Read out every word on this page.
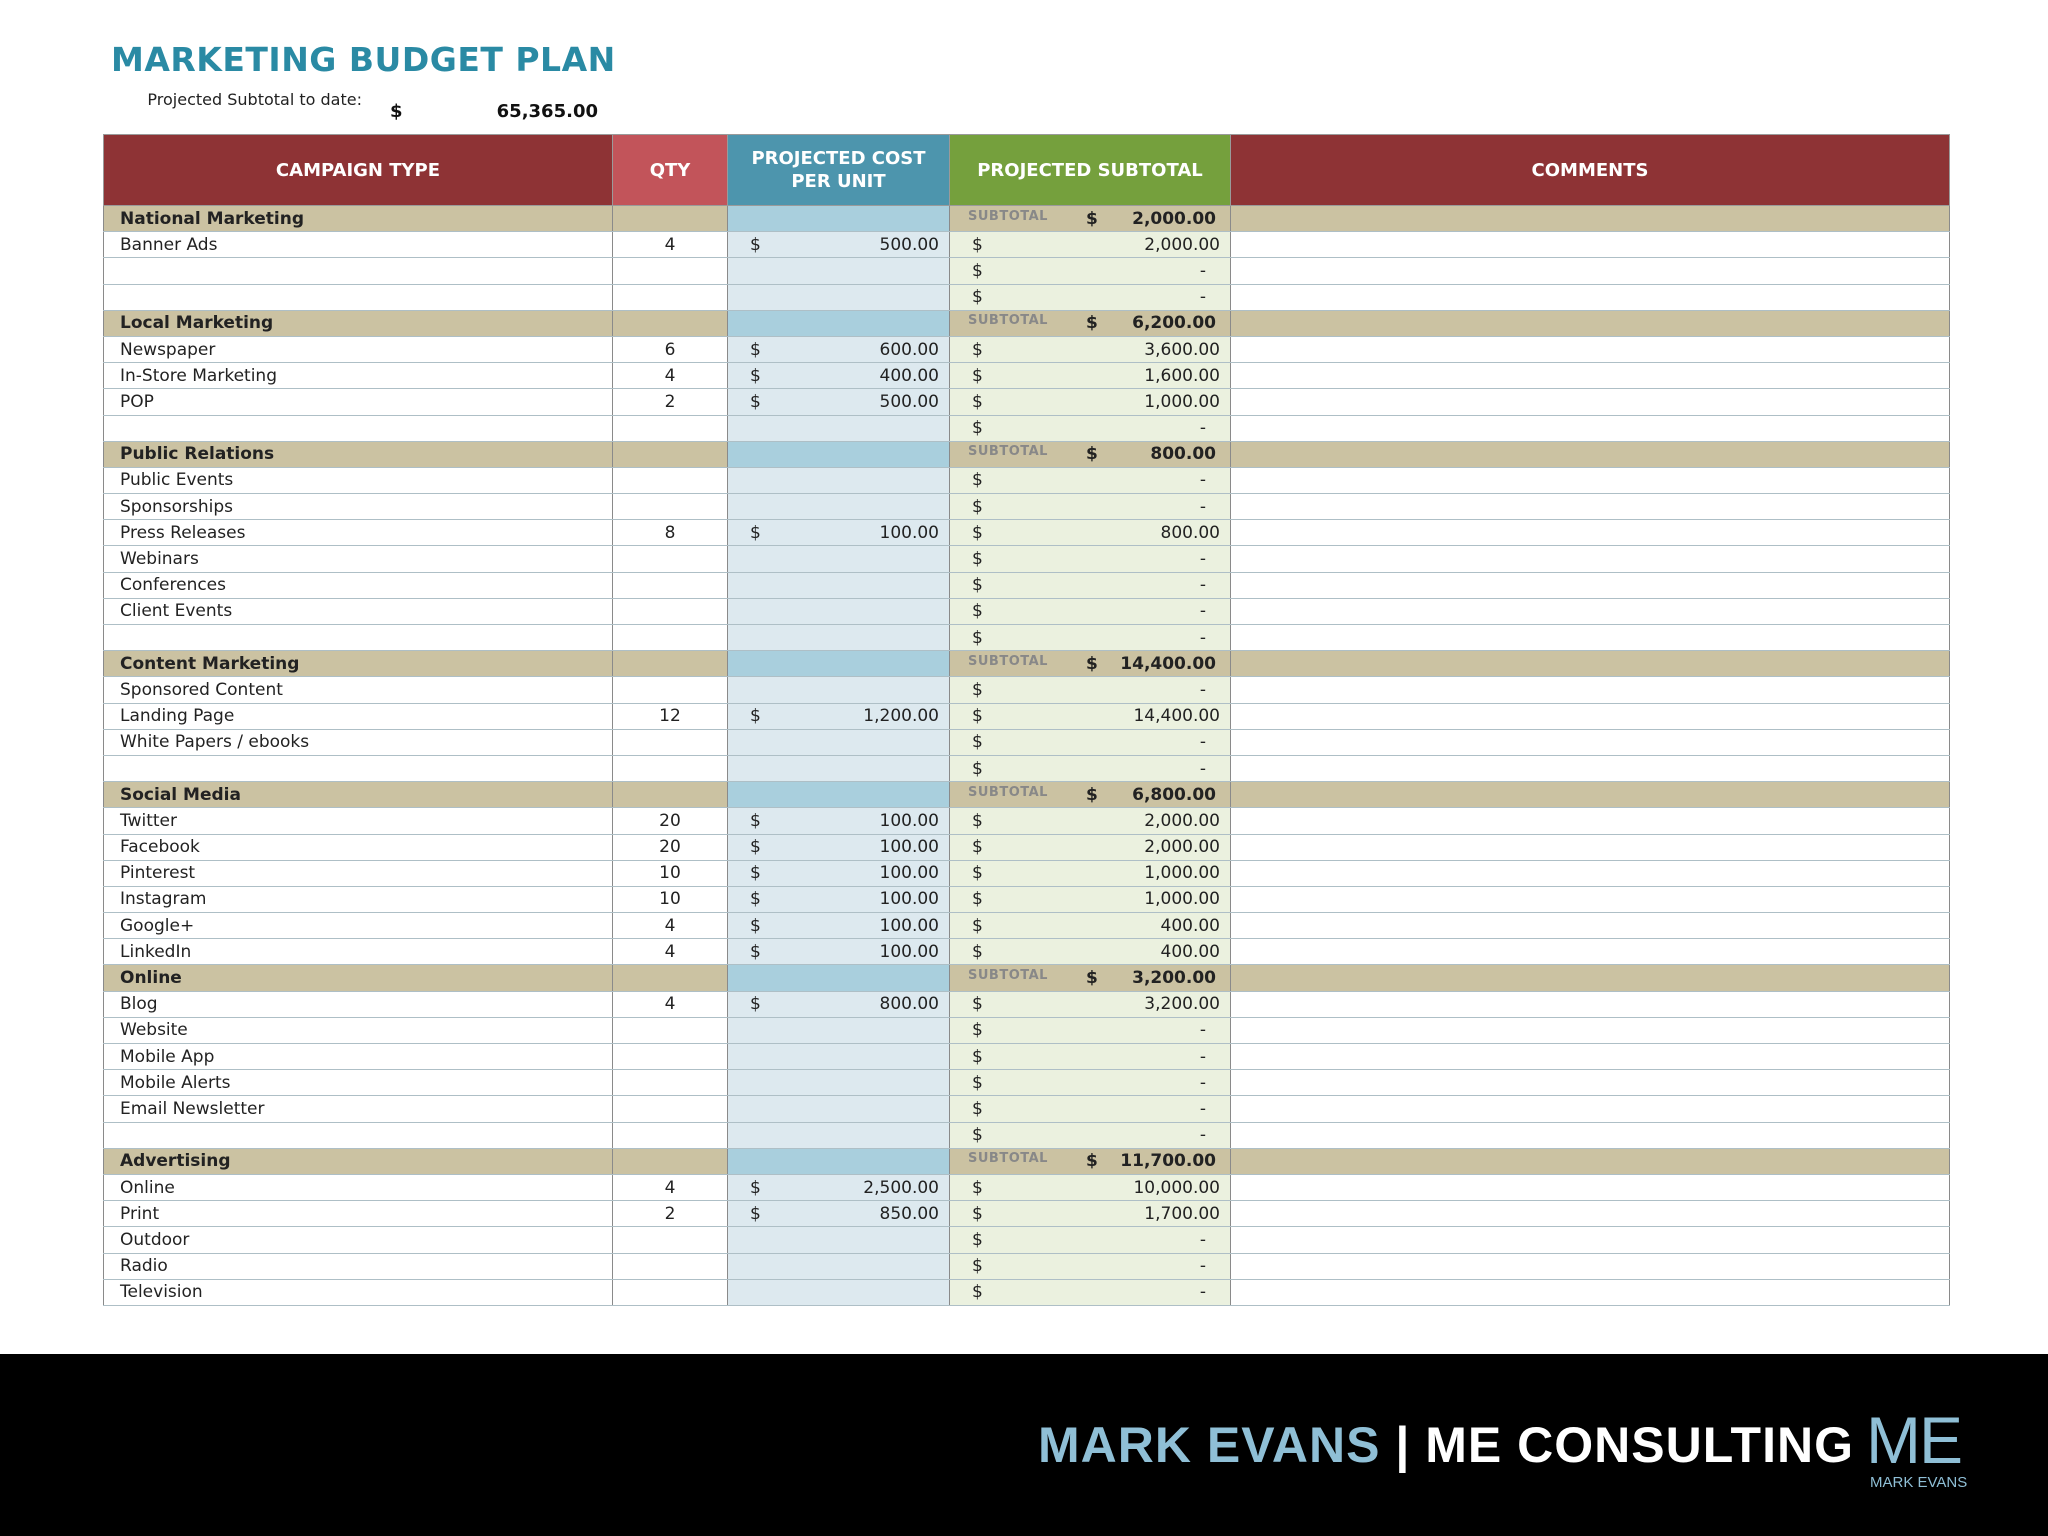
MARKETING BUDGET PLAN
Projected Subtotal to date:
$	65,365.00
CAMPAIGN TYPE	QTY	PROJECTED COST PER UNIT	PROJECTED SUBTOTAL	COMMENTS
National Marketing			SUBTOTAL $ 2,000.00	

Banner Ads	4	$ 500.00	$ 2,000.00	

			$ -	

			$ -	

Local Marketing			SUBTOTAL $ 6,200.00	

Newspaper	6	$ 600.00	$ 3,600.00	

In-Store Marketing	4	$ 400.00	$ 1,600.00	

POP	2	$ 500.00	$ 1,000.00	

			$ -	

Public Relations			SUBTOTAL $ 800.00	

Public Events			$ -	

Sponsorships			$ -	

Press Releases	8	$ 100.00	$ 800.00	

Webinars			$ -	

Conferences			$ -	

Client Events			$ -	

			$ -	

Content Marketing			SUBTOTAL $ 14,400.00	

Sponsored Content			$ -	

Landing Page	12	$ 1,200.00	$ 14,400.00	

White Papers / ebooks			$ -	

			$ -	

Social Media			SUBTOTAL $ 6,800.00	

Twitter	20	$ 100.00	$ 2,000.00	

Facebook	20	$ 100.00	$ 2,000.00	

Pinterest	10	$ 100.00	$ 1,000.00	

Instagram	10	$ 100.00	$ 1,000.00	

Google+	4	$ 100.00	$ 400.00	

LinkedIn	4	$ 100.00	$ 400.00	

Online			SUBTOTAL $ 3,200.00	

Blog	4	$ 800.00	$ 3,200.00	

Website			$ -	

Mobile App			$ -	

Mobile Alerts			$ -	

Email Newsletter			$ -	

			$ -	

Advertising			SUBTOTAL $ 11,700.00	

Online	4	$ 2,500.00	$ 10,000.00	

Print	2	$ 850.00	$ 1,700.00	

Outdoor			$ -	

Radio			$ -	

Television			$ -	

MARK EVANS | ME CONSULTING ME
MARK EVANS
